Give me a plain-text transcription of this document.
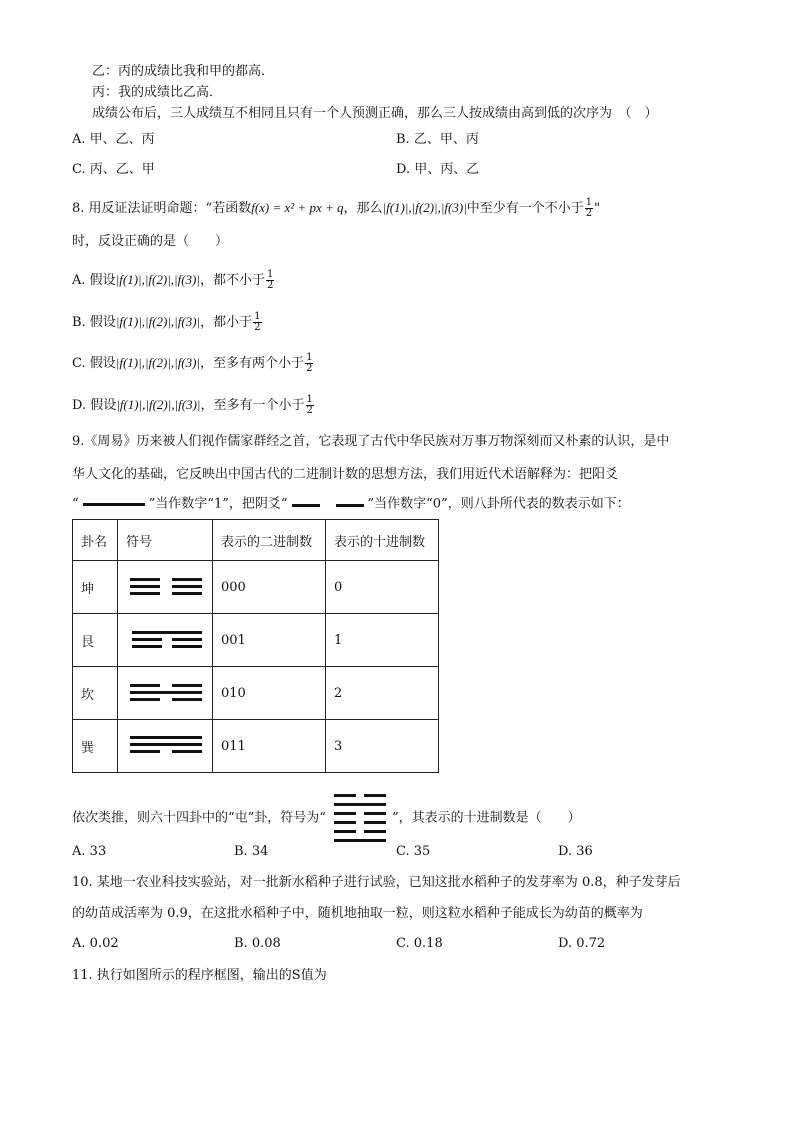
乙：丙的成绩比我和甲的都高．
丙：我的成绩比乙高．
成绩公布后，三人成绩互不相同且只有一个人预测正确，那么三人按成绩由高到低的次序为　（　）
A. 甲、乙、丙	B. 乙、甲、丙
C. 丙、乙、甲	D. 甲、丙、乙
8. 用反证法证明命题：“若函数f(x) = x² + px + q，那么|f(1)|,|f(2)|,|f(3)|中至少有一个不小于 $\frac{1}{2}$ "
时，反设正确的是（　　）
A. 假设|f(1)|,|f(2)|,|f(3)|，都不小于 $\frac{1}{2}$
B. 假设|f(1)|,|f(2)|,|f(3)|，都小于 $\frac{1}{2}$
C. 假设|f(1)|,|f(2)|,|f(3)|，至多有两个小于 $\frac{1}{2}$
D. 假设|f(1)|,|f(2)|,|f(3)|，至多有一个小于 $\frac{1}{2}$
9.《周易》历来被人们视作儒家群经之首，它表现了古代中华民族对万事万物深刻而又朴素的认识，是中
华人文化的基础，它反映出中国古代的二进制计数的思想方法，我们用近代术语解释为：把阳爻
“	”当作数字“1”，把阴爻“	”当作数字“0”，则八卦所代表的数表示如下：
卦名	符号	表示的二进制数	表示的十进制数
坤		000	0
艮		001	1
坎		010	2
巽		011	3
依次类推，则六十四卦中的“屯”卦，符号为“	”，其表示的十进制数是（　　）
A. 33	B. 34	C. 35	D. 36
10. 某地一农业科技实验站，对一批新水稻种子进行试验，已知这批水稻种子的发芽率为 0.8，种子发芽后
的幼苗成活率为 0.9，在这批水稻种子中，随机地抽取一粒，则这粒水稻种子能成长为幼苗的概率为
A. 0.02	B. 0.08	C. 0.18	D. 0.72
11. 执行如图所示的程序框图，输出的S值为
